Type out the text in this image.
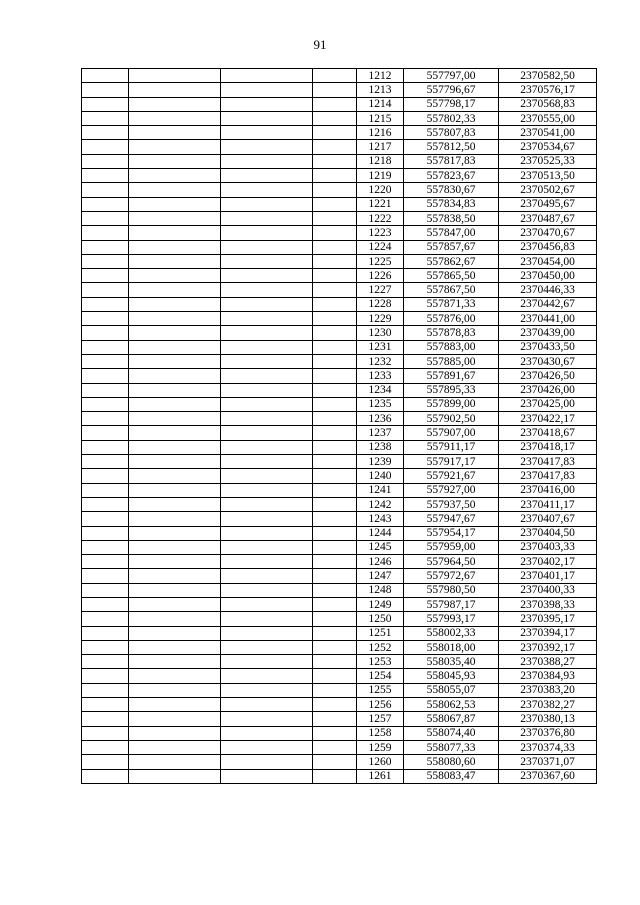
91
				1212	557797,00	2370582,50
				1213	557796,67	2370576,17
				1214	557798,17	2370568,83
				1215	557802,33	2370555,00
				1216	557807,83	2370541,00
				1217	557812,50	2370534,67
				1218	557817,83	2370525,33
				1219	557823,67	2370513,50
				1220	557830,67	2370502,67
				1221	557834,83	2370495,67
				1222	557838,50	2370487,67
				1223	557847,00	2370470,67
				1224	557857,67	2370456,83
				1225	557862,67	2370454,00
				1226	557865,50	2370450,00
				1227	557867,50	2370446,33
				1228	557871,33	2370442,67
				1229	557876,00	2370441,00
				1230	557878,83	2370439,00
				1231	557883,00	2370433,50
				1232	557885,00	2370430,67
				1233	557891,67	2370426,50
				1234	557895,33	2370426,00
				1235	557899,00	2370425,00
				1236	557902,50	2370422,17
				1237	557907,00	2370418,67
				1238	557911,17	2370418,17
				1239	557917,17	2370417,83
				1240	557921,67	2370417,83
				1241	557927,00	2370416,00
				1242	557937,50	2370411,17
				1243	557947,67	2370407,67
				1244	557954,17	2370404,50
				1245	557959,00	2370403,33
				1246	557964,50	2370402,17
				1247	557972,67	2370401,17
				1248	557980,50	2370400,33
				1249	557987,17	2370398,33
				1250	557993,17	2370395,17
				1251	558002,33	2370394,17
				1252	558018,00	2370392,17
				1253	558035,40	2370388,27
				1254	558045,93	2370384,93
				1255	558055,07	2370383,20
				1256	558062,53	2370382,27
				1257	558067,87	2370380,13
				1258	558074,40	2370376,80
				1259	558077,33	2370374,33
				1260	558080,60	2370371,07
				1261	558083,47	2370367,60
